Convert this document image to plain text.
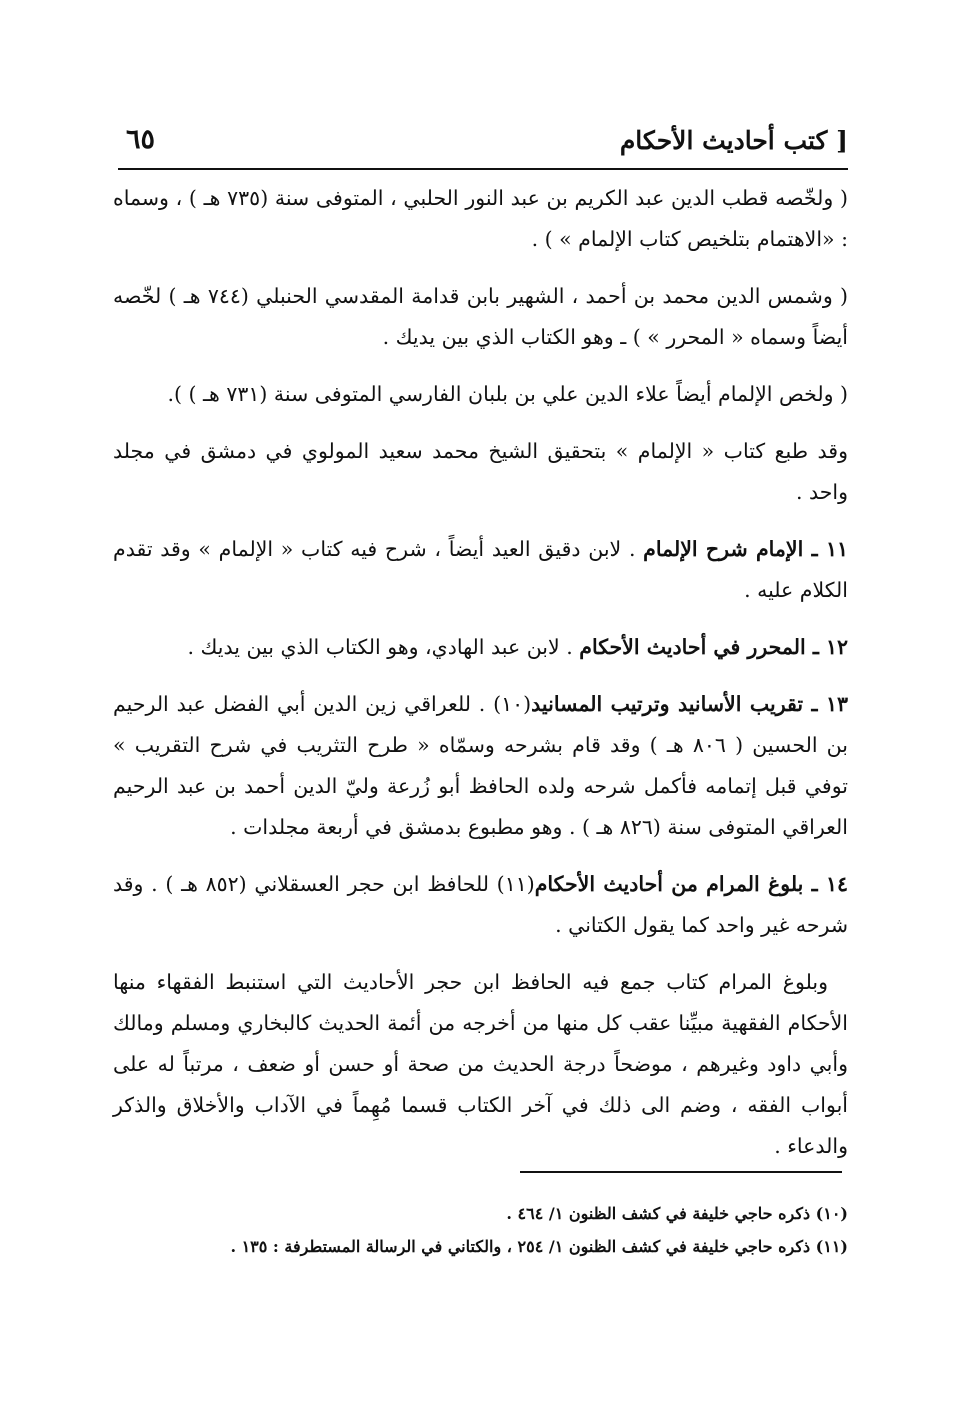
كتب أحاديث الأحكام ]
٦٥

( ولخّصه قطب الدين عبد الكريم بن عبد النور الحلبي ، المتوفى سنة (٧٣٥ هـ ) ، وسماه : «الاهتمام بتلخيص كتاب الإلمام » ) .

( وشمس الدين محمد بن أحمد ، الشهير بابن قدامة المقدسي الحنبلي (٧٤٤ هـ ) لخّصه أيضاً وسماه « المحرر » ) ـ وهو الكتاب الذي بين يديك .

( ولخص الإلمام أيضاً علاء الدين علي بن بلبان الفارسي المتوفى سنة (٧٣١ هـ ) ).

وقد طبع كتاب « الإلمام » بتحقيق الشيخ محمد سعيد المولوي في دمشق في مجلد واحد .

١١ ـ الإمام شرح الإلمام . لابن دقيق العيد أيضاً ، شرح فيه كتاب « الإلمام » وقد تقدم الكلام عليه .

١٢ ـ المحرر في أحاديث الأحكام . لابن عبد الهادي، وهو الكتاب الذي بين يديك .

١٣ ـ تقريب الأسانيد وترتيب المسانيد(١٠) . للعراقي زين الدين أبي الفضل عبد الرحيم بن الحسين ( ٨٠٦ هـ ) وقد قام بشرحه وسمّاه « طرح التثريب في شرح التقريب » توفي قبل إتمامه فأكمل شرحه ولده الحافظ أبو زُرعة وليّ الدين أحمد بن عبد الرحيم العراقي المتوفى سنة (٨٢٦ هـ ) . وهو مطبوع بدمشق في أربعة مجلدات .

١٤ ـ بلوغ المرام من أحاديث الأحكام(١١) للحافظ ابن حجر العسقلاني (٨٥٢ هـ ) . وقد شرحه غير واحد كما يقول الكتاني .

وبلوغ المرام كتاب جمع فيه الحافظ ابن حجر الأحاديث التي استنبط الفقهاء منها الأحكام الفقهية مبيِّنا عقب كل منها من أخرجه من أئمة الحديث كالبخاري ومسلم ومالك وأبي داود وغيرهم ، موضحاً درجة الحديث من صحة أو حسن أو ضعف ، مرتباً له على أبواب الفقه ، وضم الى ذلك في آخر الكتاب قسما مُهِماً في الآداب والأخلاق والذكر والدعاء .

(١٠) ذكره حاجي خليفة في كشف الظنون ١/ ٤٦٤ .

(١١) ذكره حاجي خليفة في كشف الظنون ١/ ٢٥٤ ، والكتاني في الرسالة المستطرفة : ١٣٥ .
